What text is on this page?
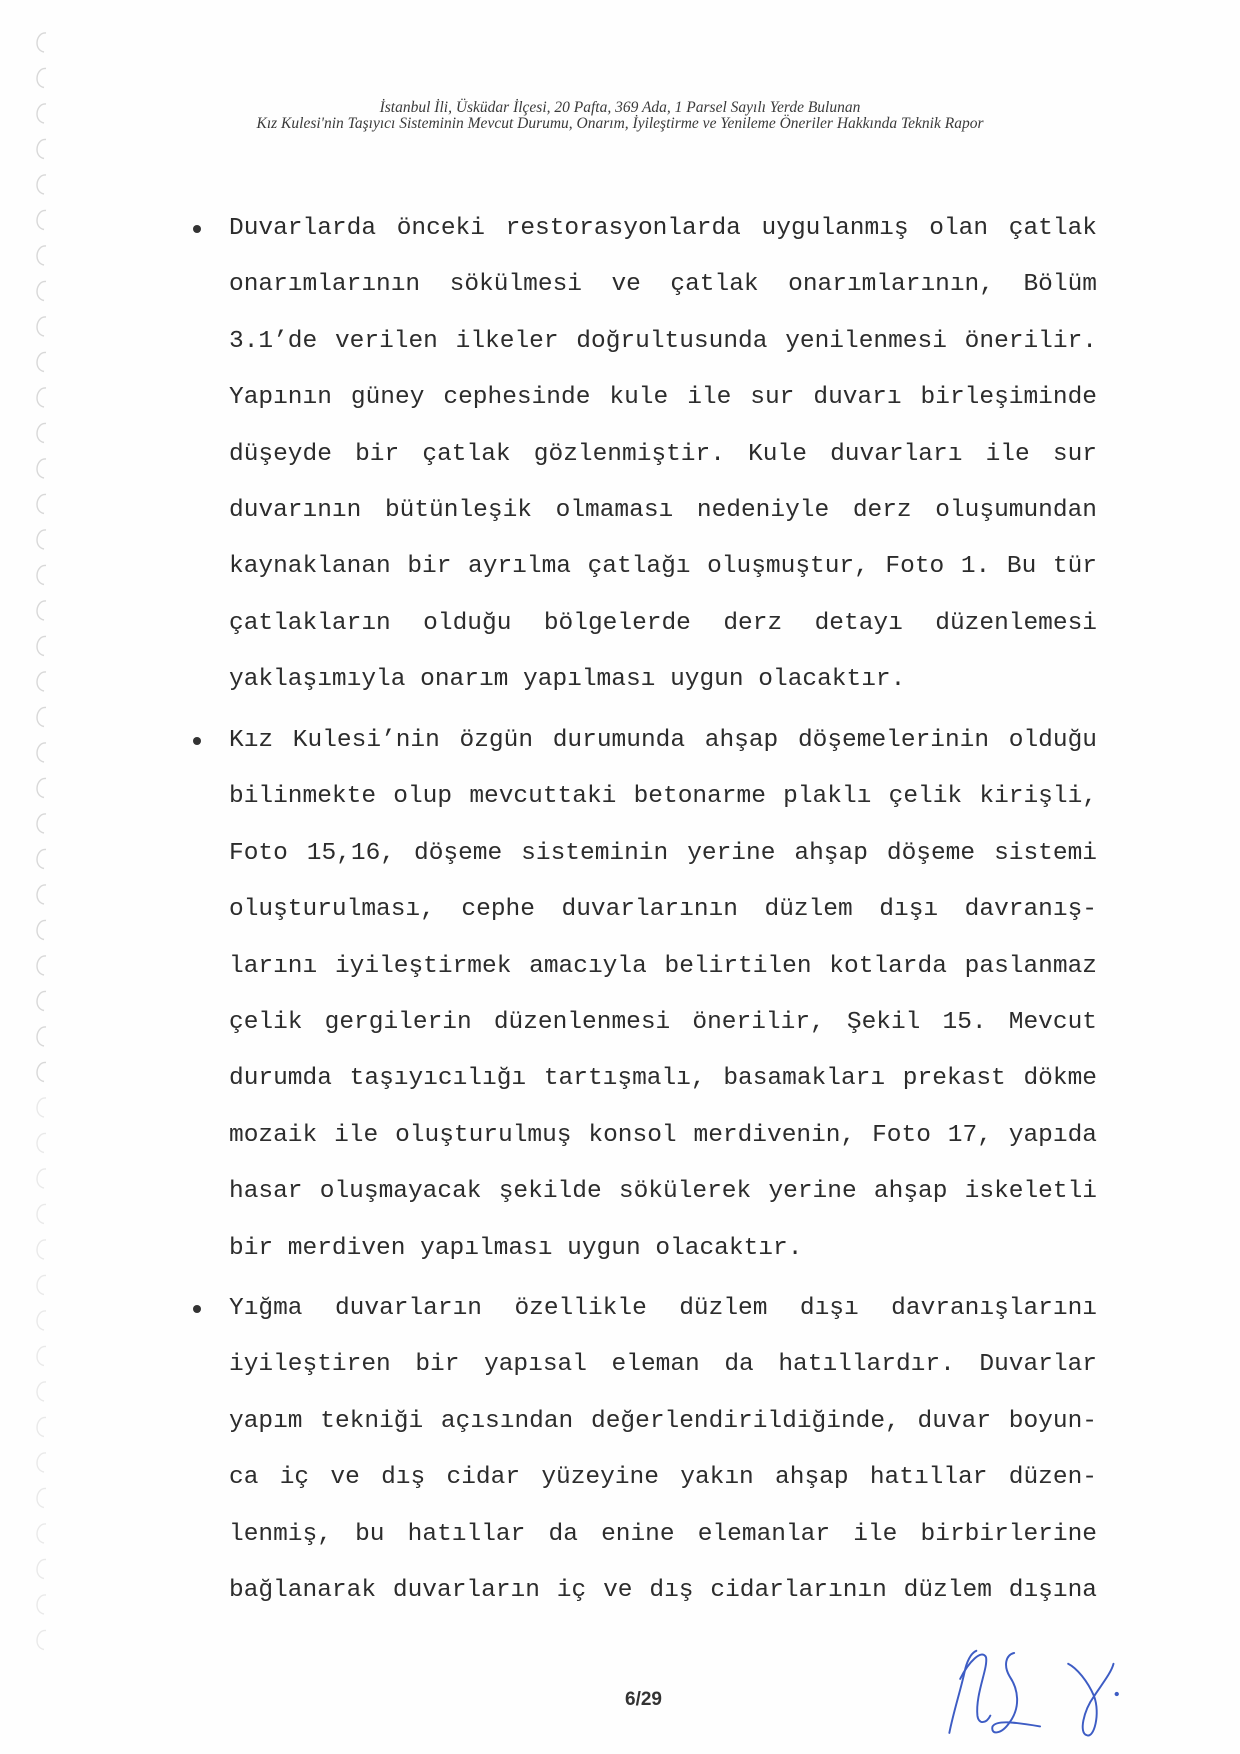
İstanbul İli, Üsküdar İlçesi, 20 Pafta, 369 Ada, 1 Parsel Sayılı Yerde Bulunan
Kız Kulesi'nin Taşıyıcı Sisteminin Mevcut Durumu, Onarım, İyileştirme ve Yenileme Öneriler Hakkında Teknik Rapor
Duvarlarda önceki restorasyonlarda uygulanmış olan çatlak
onarımlarının sökülmesi ve çatlak onarımlarının, Bölüm
3.1’de verilen ilkeler doğrultusunda yenilenmesi önerilir.
Yapının güney cephesinde kule ile sur duvarı birleşiminde
düşeyde bir çatlak gözlenmiştir. Kule duvarları ile sur
duvarının bütünleşik olmaması nedeniyle derz oluşumundan
kaynaklanan bir ayrılma çatlağı oluşmuştur, Foto 1. Bu tür
çatlakların olduğu bölgelerde derz detayı düzenlemesi
yaklaşımıyla onarım yapılması uygun olacaktır.
Kız Kulesi’nin özgün durumunda ahşap döşemelerinin olduğu
bilinmekte olup mevcuttaki betonarme plaklı çelik kirişli,
Foto 15,16, döşeme sisteminin yerine ahşap döşeme sistemi
oluşturulması, cephe duvarlarının düzlem dışı davranış-
larını iyileştirmek amacıyla belirtilen kotlarda paslanmaz
çelik gergilerin düzenlenmesi önerilir, Şekil 15. Mevcut
durumda taşıyıcılığı tartışmalı, basamakları prekast dökme
mozaik ile oluşturulmuş konsol merdivenin, Foto 17, yapıda
hasar oluşmayacak şekilde sökülerek yerine ahşap iskeletli
bir merdiven yapılması uygun olacaktır.
Yığma duvarların özellikle düzlem dışı davranışlarını
iyileştiren bir yapısal eleman da hatıllardır. Duvarlar
yapım tekniği açısından değerlendirildiğinde, duvar boyun-
ca iç ve dış cidar yüzeyine yakın ahşap hatıllar düzen-
lenmiş, bu hatıllar da enine elemanlar ile birbirlerine
bağlanarak duvarların iç ve dış cidarlarının düzlem dışına
6/29
